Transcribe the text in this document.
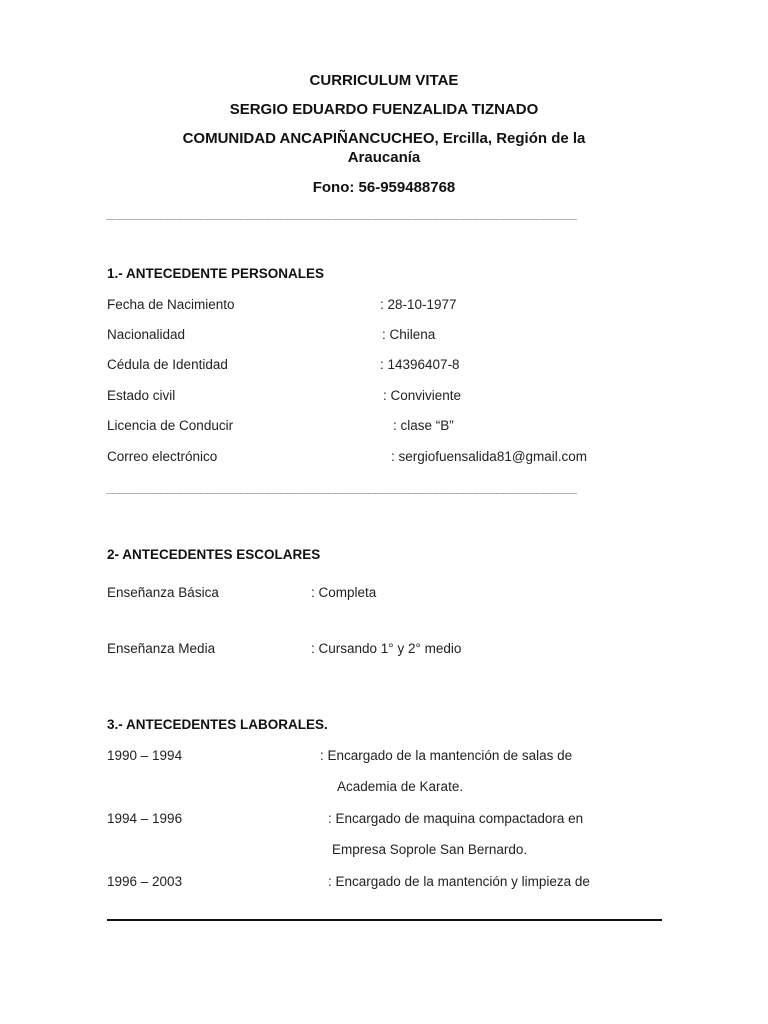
CURRICULUM VITAE
SERGIO EDUARDO FUENZALIDA TIZNADO
COMUNIDAD ANCAPIÑANCUCHEO, Ercilla, Región de la
Araucanía
Fono: 56-959488768
______________________________________________________________________
1.- ANTECEDENTE PERSONALES
Fecha de Nacimiento	: 28-10-1977
Nacionalidad	: Chilena
Cédula de Identidad	: 14396407-8
Estado civil	: Conviviente
Licencia de Conducir	: clase “B”
Correo electrónico	: sergiofuensalida81@gmail.com
______________________________________________________________________
2- ANTECEDENTES ESCOLARES
Enseñanza Básica	: Completa
Enseñanza Media	: Cursando 1° y 2° medio
3.- ANTECEDENTES LABORALES.
1990 – 1994	: Encargado de la mantención de salas de
Academia de Karate.
1994 – 1996	: Encargado de maquina compactadora en
Empresa Soprole San Bernardo.
1996 – 2003	: Encargado de la mantención y limpieza de
